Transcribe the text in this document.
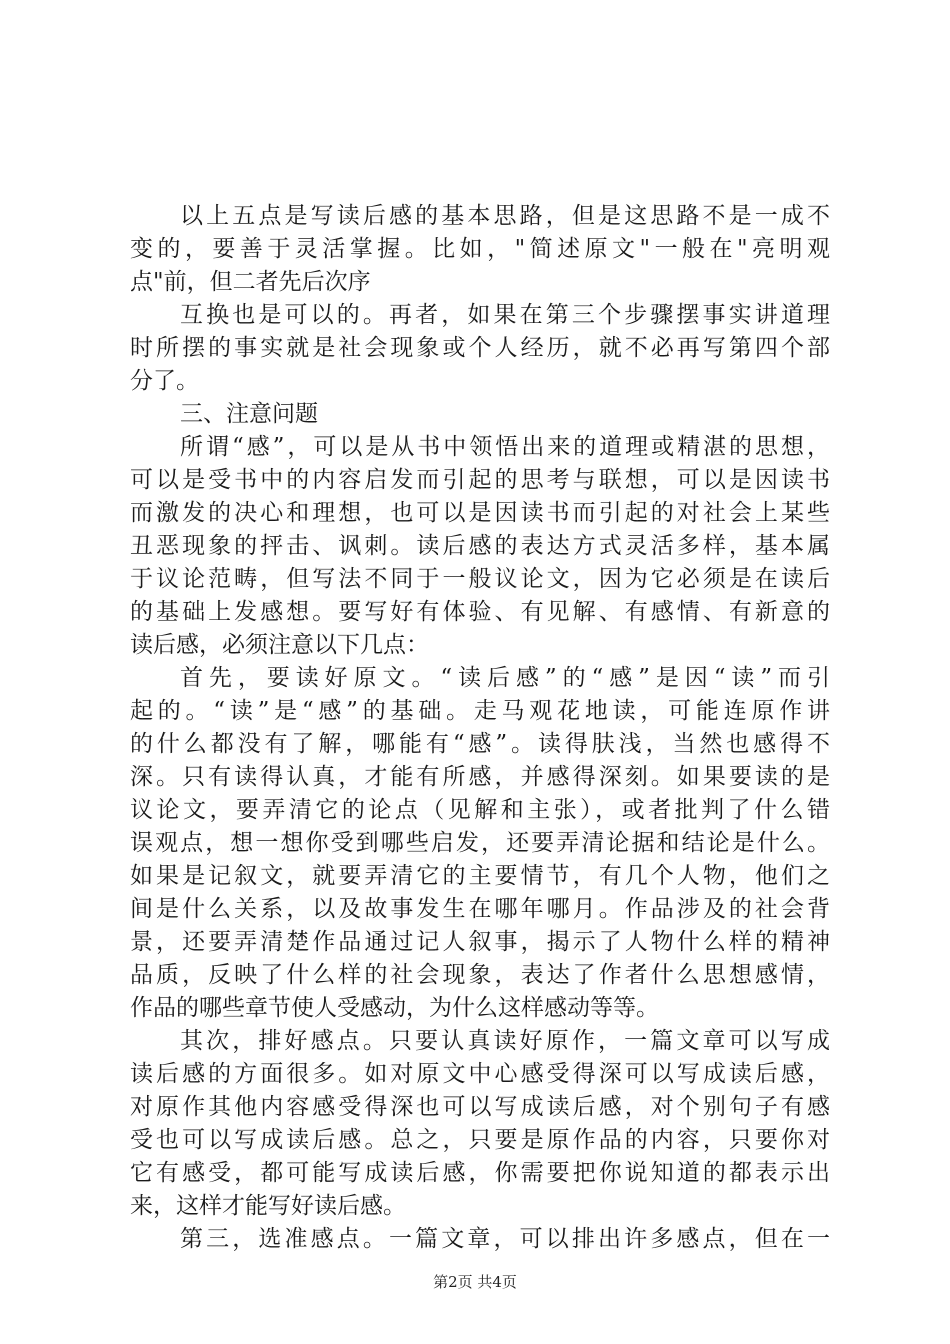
以上五点是写读后感的基本思路，但是这思路不是一成不
变的，要善于灵活掌握。比如，"简述原文"一般在"亮明观
点"前，但二者先后次序
互换也是可以的。再者，如果在第三个步骤摆事实讲道理
时所摆的事实就是社会现象或个人经历，就不必再写第四个部
分了。
三、注意问题
所谓“感”，可以是从书中领悟出来的道理或精湛的思想，
可以是受书中的内容启发而引起的思考与联想，可以是因读书
而激发的决心和理想，也可以是因读书而引起的对社会上某些
丑恶现象的抨击、讽刺。读后感的表达方式灵活多样，基本属
于议论范畴，但写法不同于一般议论文，因为它必须是在读后
的基础上发感想。要写好有体验、有见解、有感情、有新意的
读后感，必须注意以下几点：
首先，要读好原文。“读后感”的“感”是因“读”而引
起的。“读”是“感”的基础。走马观花地读，可能连原作讲
的什么都没有了解，哪能有“感”。读得肤浅，当然也感得不
深。只有读得认真，才能有所感，并感得深刻。如果要读的是
议论文，要弄清它的论点（见解和主张），或者批判了什么错
误观点，想一想你受到哪些启发，还要弄清论据和结论是什么。
如果是记叙文，就要弄清它的主要情节，有几个人物，他们之
间是什么关系，以及故事发生在哪年哪月。作品涉及的社会背
景，还要弄清楚作品通过记人叙事，揭示了人物什么样的精神
品质，反映了什么样的社会现象，表达了作者什么思想感情，
作品的哪些章节使人受感动，为什么这样感动等等。
其次，排好感点。只要认真读好原作，一篇文章可以写成
读后感的方面很多。如对原文中心感受得深可以写成读后感，
对原作其他内容感受得深也可以写成读后感，对个别句子有感
受也可以写成读后感。总之，只要是原作品的内容，只要你对
它有感受，都可能写成读后感，你需要把你说知道的都表示出
来，这样才能写好读后感。
第三，选准感点。一篇文章，可以排出许多感点，但在一
第2页 共4页
